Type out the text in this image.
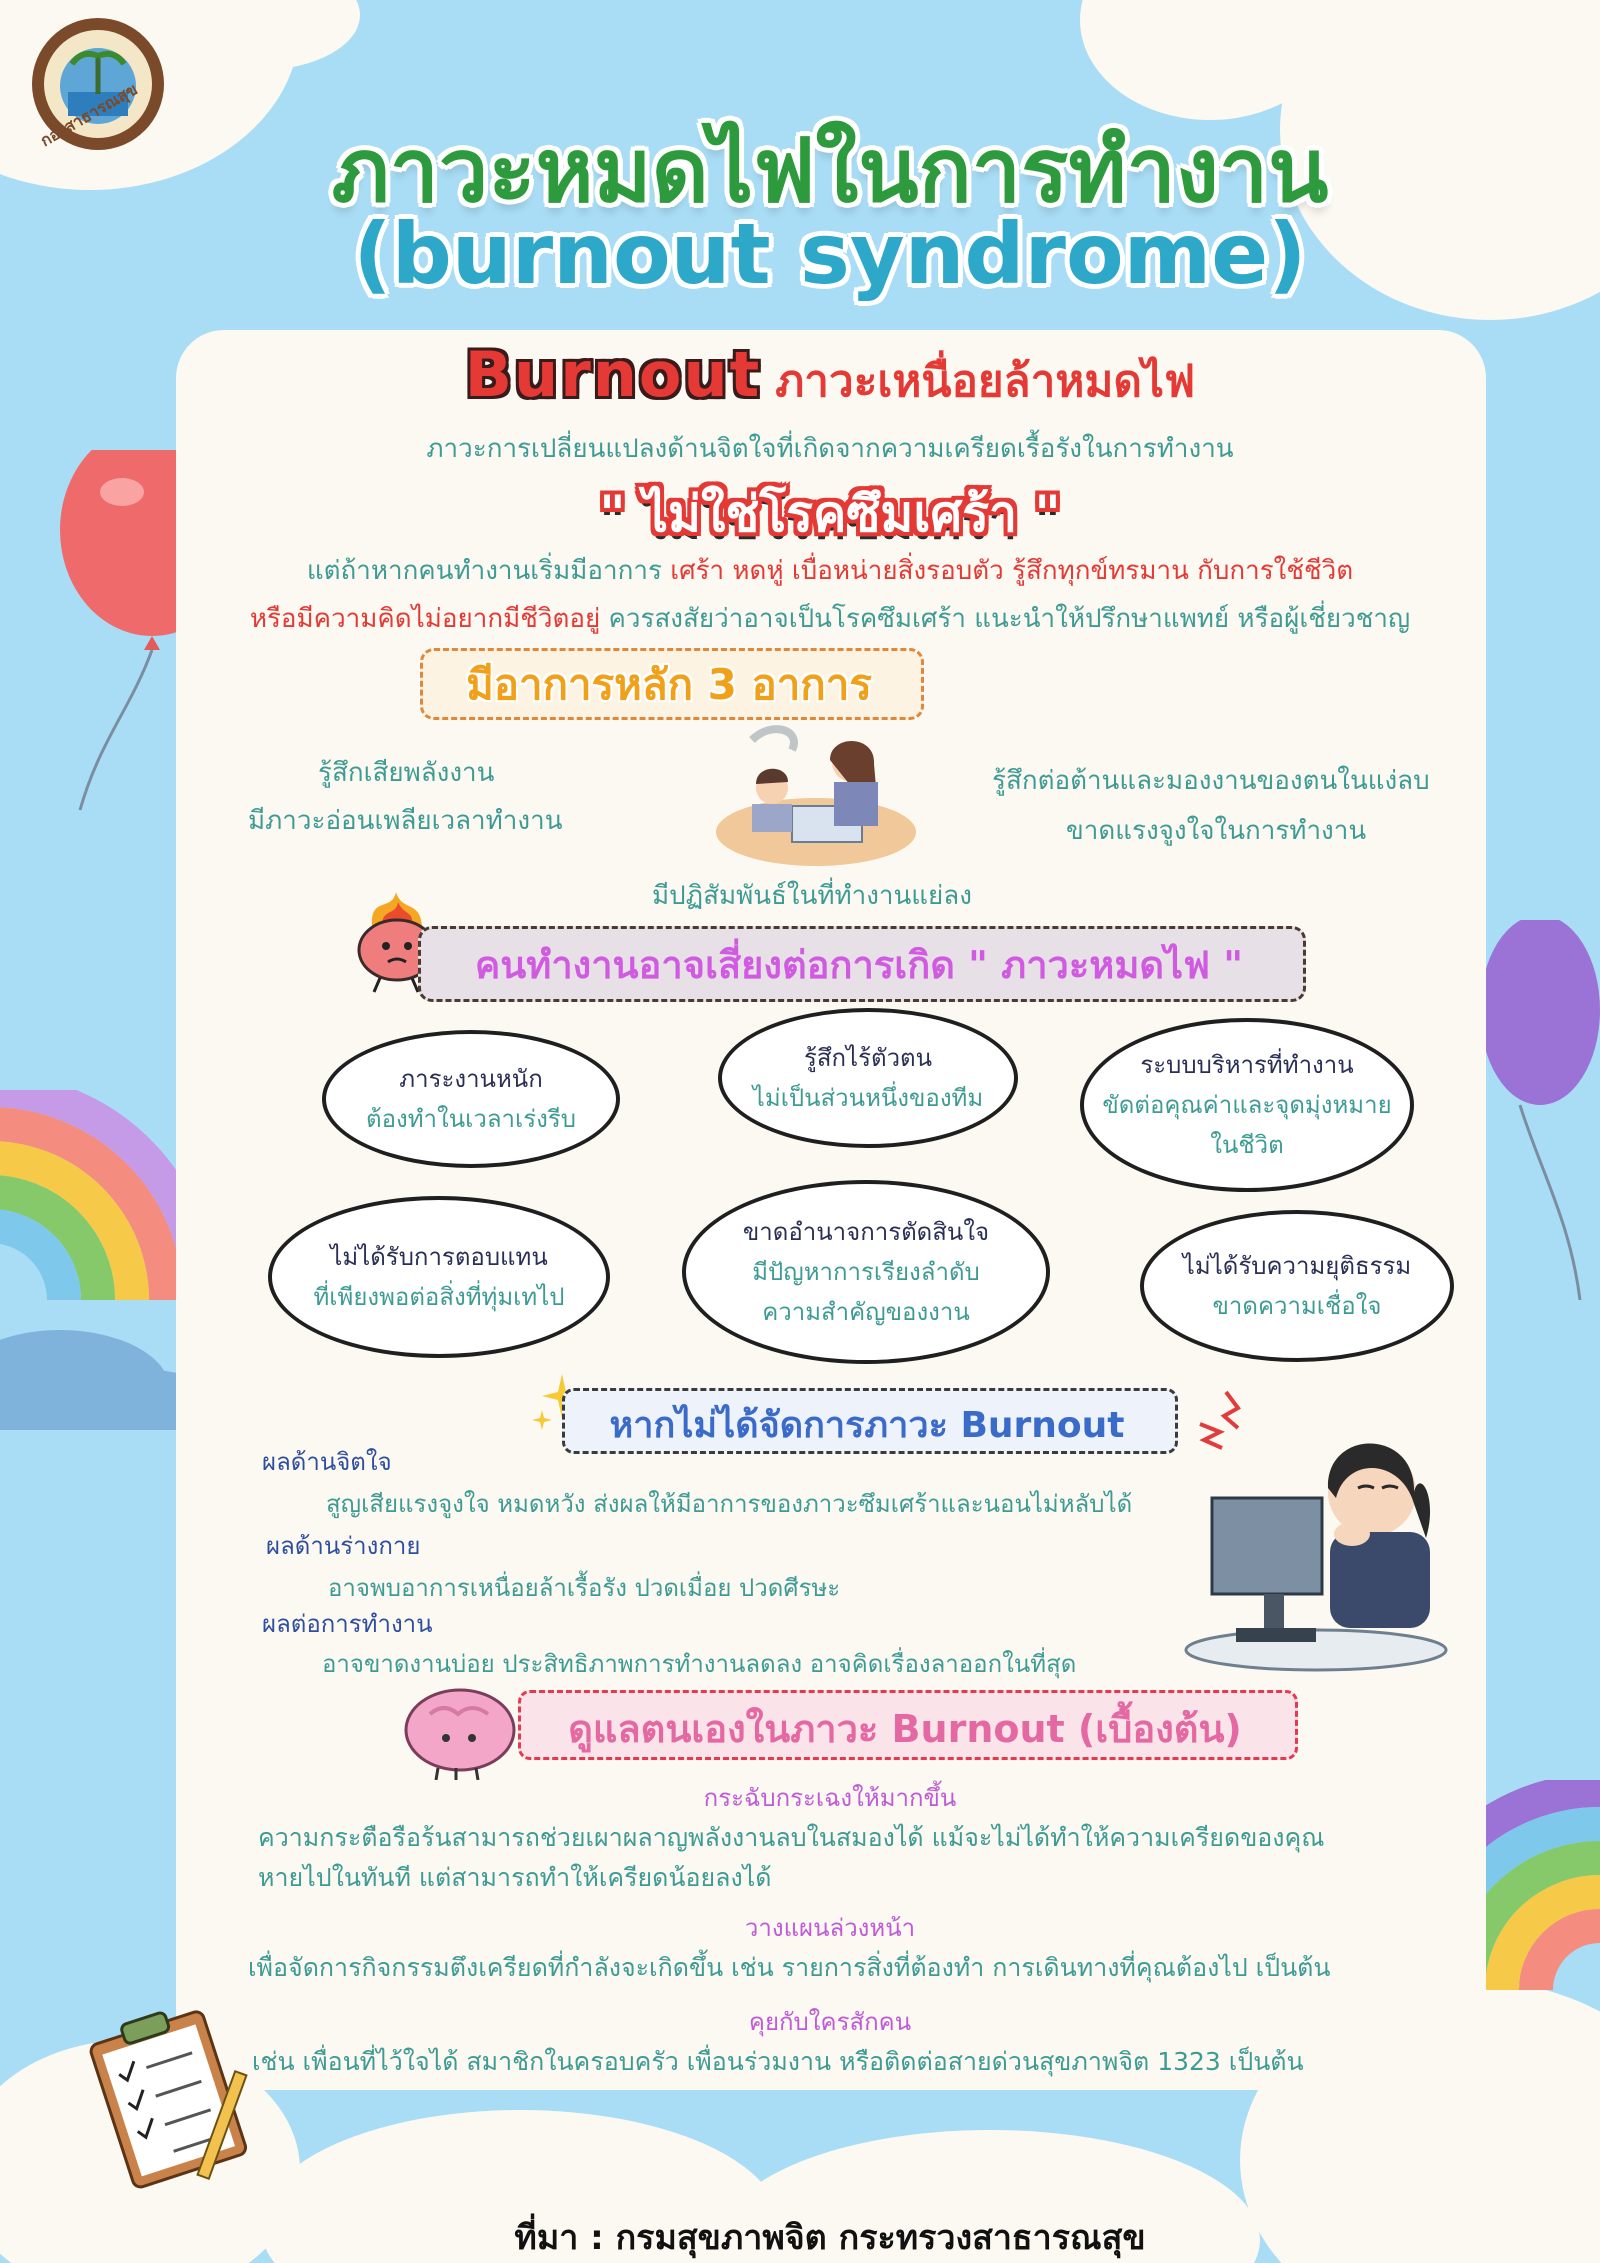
กองสาธารณสุข
ภาวะหมดไฟในการทำงาน
(burnout syndrome)
Burnout ภาวะเหนื่อยล้าหมดไฟ
ภาวะการเปลี่ยนแปลงด้านจิตใจที่เกิดจากความเครียดเรื้อรังในการทำงาน
" ไม่ใช่โรคซึมเศร้า "
แต่ถ้าหากคนทำงานเริ่มมีอาการ เศร้า หดหู่ เบื่อหน่ายสิ่งรอบตัว รู้สึกทุกข์ทรมาน กับการใช้ชีวิต
หรือมีความคิดไม่อยากมีชีวิตอยู่ ควรสงสัยว่าอาจเป็นโรคซึมเศร้า แนะนำให้ปรึกษาแพทย์ หรือผู้เชี่ยวชาญ
มีอาการหลัก 3 อาการ
รู้สึกเสียพลังงาน
มีภาวะอ่อนเพลียเวลาทำงาน
รู้สึกต่อต้านและมองงานของตนในแง่ลบ
ขาดแรงจูงใจในการทำงาน
มีปฏิสัมพันธ์ในที่ทำงานแย่ลง
คนทำงานอาจเสี่ยงต่อการเกิด " ภาวะหมดไฟ "
ภาระงานหนัก
ต้องทำในเวลาเร่งรีบ
รู้สึกไร้ตัวตน
ไม่เป็นส่วนหนึ่งของทีม
ระบบบริหารที่ทำงาน
ขัดต่อคุณค่าและจุดมุ่งหมาย
ในชีวิต
ไม่ได้รับการตอบแทน
ที่เพียงพอต่อสิ่งที่ทุ่มเทไป
ขาดอำนาจการตัดสินใจ
มีปัญหาการเรียงลำดับ
ความสำคัญของงาน
ไม่ได้รับความยุติธรรม
ขาดความเชื่อใจ
หากไม่ได้จัดการภาวะ Burnout
ผลด้านจิตใจ
สูญเสียแรงจูงใจ หมดหวัง ส่งผลให้มีอาการของภาวะซึมเศร้าและนอนไม่หลับได้
ผลด้านร่างกาย
อาจพบอาการเหนื่อยล้าเรื้อรัง ปวดเมื่อย ปวดศีรษะ
ผลต่อการทำงาน
อาจขาดงานบ่อย ประสิทธิภาพการทำงานลดลง อาจคิดเรื่องลาออกในที่สุด
ดูแลตนเองในภาวะ Burnout (เบื้องต้น)
กระฉับกระเฉงให้มากขึ้น
ความกระตือรือร้นสามารถช่วยเผาผลาญพลังงานลบในสมองได้ แม้จะไม่ได้ทำให้ความเครียดของคุณ
หายไปในทันที แต่สามารถทำให้เครียดน้อยลงได้
วางแผนล่วงหน้า
เพื่อจัดการกิจกรรมตึงเครียดที่กำลังจะเกิดขึ้น เช่น รายการสิ่งที่ต้องทำ การเดินทางที่คุณต้องไป เป็นต้น
คุยกับใครสักคน
เช่น เพื่อนที่ไว้ใจได้ สมาชิกในครอบครัว เพื่อนร่วมงาน หรือติดต่อสายด่วนสุขภาพจิต 1323 เป็นต้น
ที่มา : กรมสุขภาพจิต กระทรวงสาธารณสุข
